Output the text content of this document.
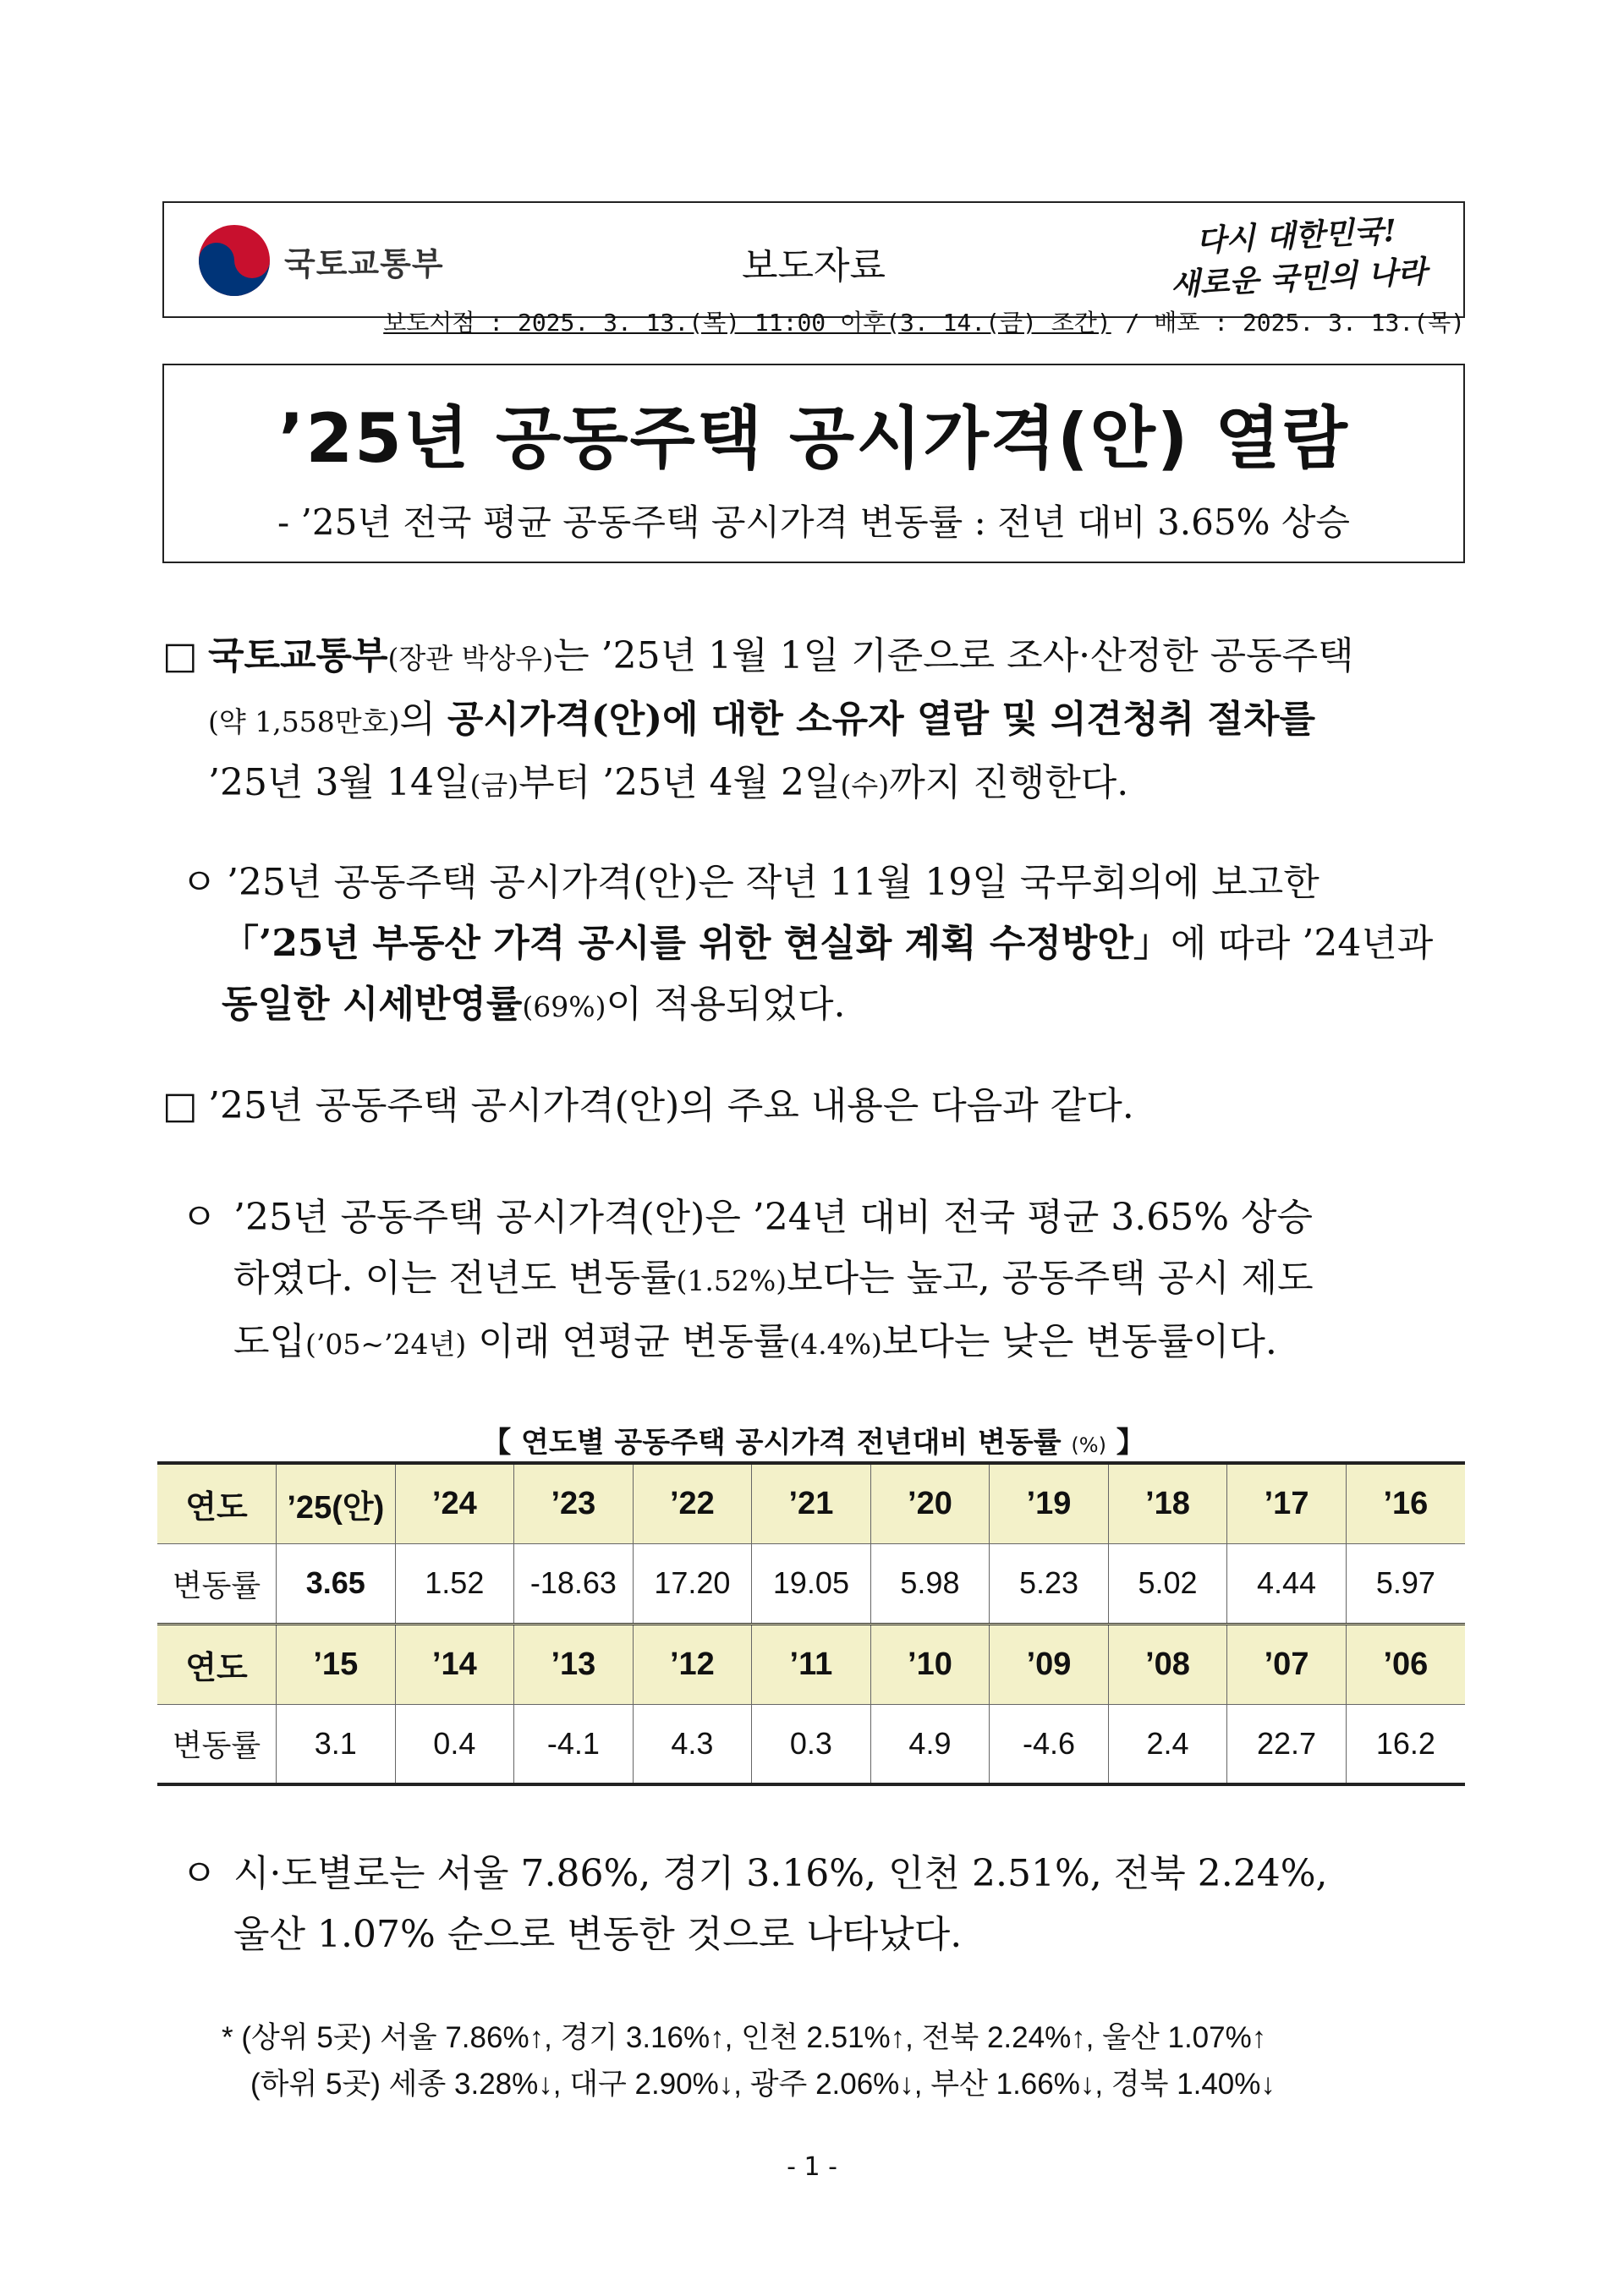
국토교통부	보도자료
다시 대한민국!
새로운 국민의 나라
보도시점 : 2025. 3. 13.(목) 11:00 이후(3. 14.(금) 조간) / 배포 : 2025. 3. 13.(목)
’25년 공동주택 공시가격(안) 열람
- ’25년 전국 평균 공동주택 공시가격 변동률 : 전년 대비 3.65% 상승
□ 국토교통부(장관 박상우)는 ’25년 1월 1일 기준으로 조사·산정한 공동주택
(약 1,558만호)의 공시가격(안)에 대한 소유자 열람 및 의견청취 절차를
’25년 3월 14일(금)부터 ’25년 4월 2일(수)까지 진행한다.
ㅇ ’25년 공동주택 공시가격(안)은 작년 11월 19일 국무회의에 보고한
「’25년 부동산 가격 공시를 위한 현실화 계획 수정방안」에 따라 ’24년과
동일한 시세반영률(69%)이 적용되었다.
□ ’25년 공동주택 공시가격(안)의 주요 내용은 다음과 같다.
ㅇ ’25년 공동주택 공시가격(안)은 ’24년 대비 전국 평균 3.65% 상승
하였다. 이는 전년도 변동률(1.52%)보다는 높고, 공동주택 공시 제도
도입(’05~’24년) 이래 연평균 변동률(4.4%)보다는 낮은 변동률이다.
【 연도별 공동주택 공시가격 전년대비 변동률 (%) 】
연도	’25(안)	’24	’23	’22	’21	’20	’19	’18	’17	’16
변동률	3.65	1.52	-18.63	17.20	19.05	5.98	5.23	5.02	4.44	5.97
연도	’15	’14	’13	’12	’11	’10	’09	’08	’07	’06
변동률	3.1	0.4	-4.1	4.3	0.3	4.9	-4.6	2.4	22.7	16.2
ㅇ 시·도별로는 서울 7.86%, 경기 3.16%, 인천 2.51%, 전북 2.24%,
울산 1.07% 순으로 변동한 것으로 나타났다.
* (상위 5곳) 서울 7.86%↑, 경기 3.16%↑, 인천 2.51%↑, 전북 2.24%↑, 울산 1.07%↑
(하위 5곳) 세종 3.28%↓, 대구 2.90%↓, 광주 2.06%↓, 부산 1.66%↓, 경북 1.40%↓
- 1 -
